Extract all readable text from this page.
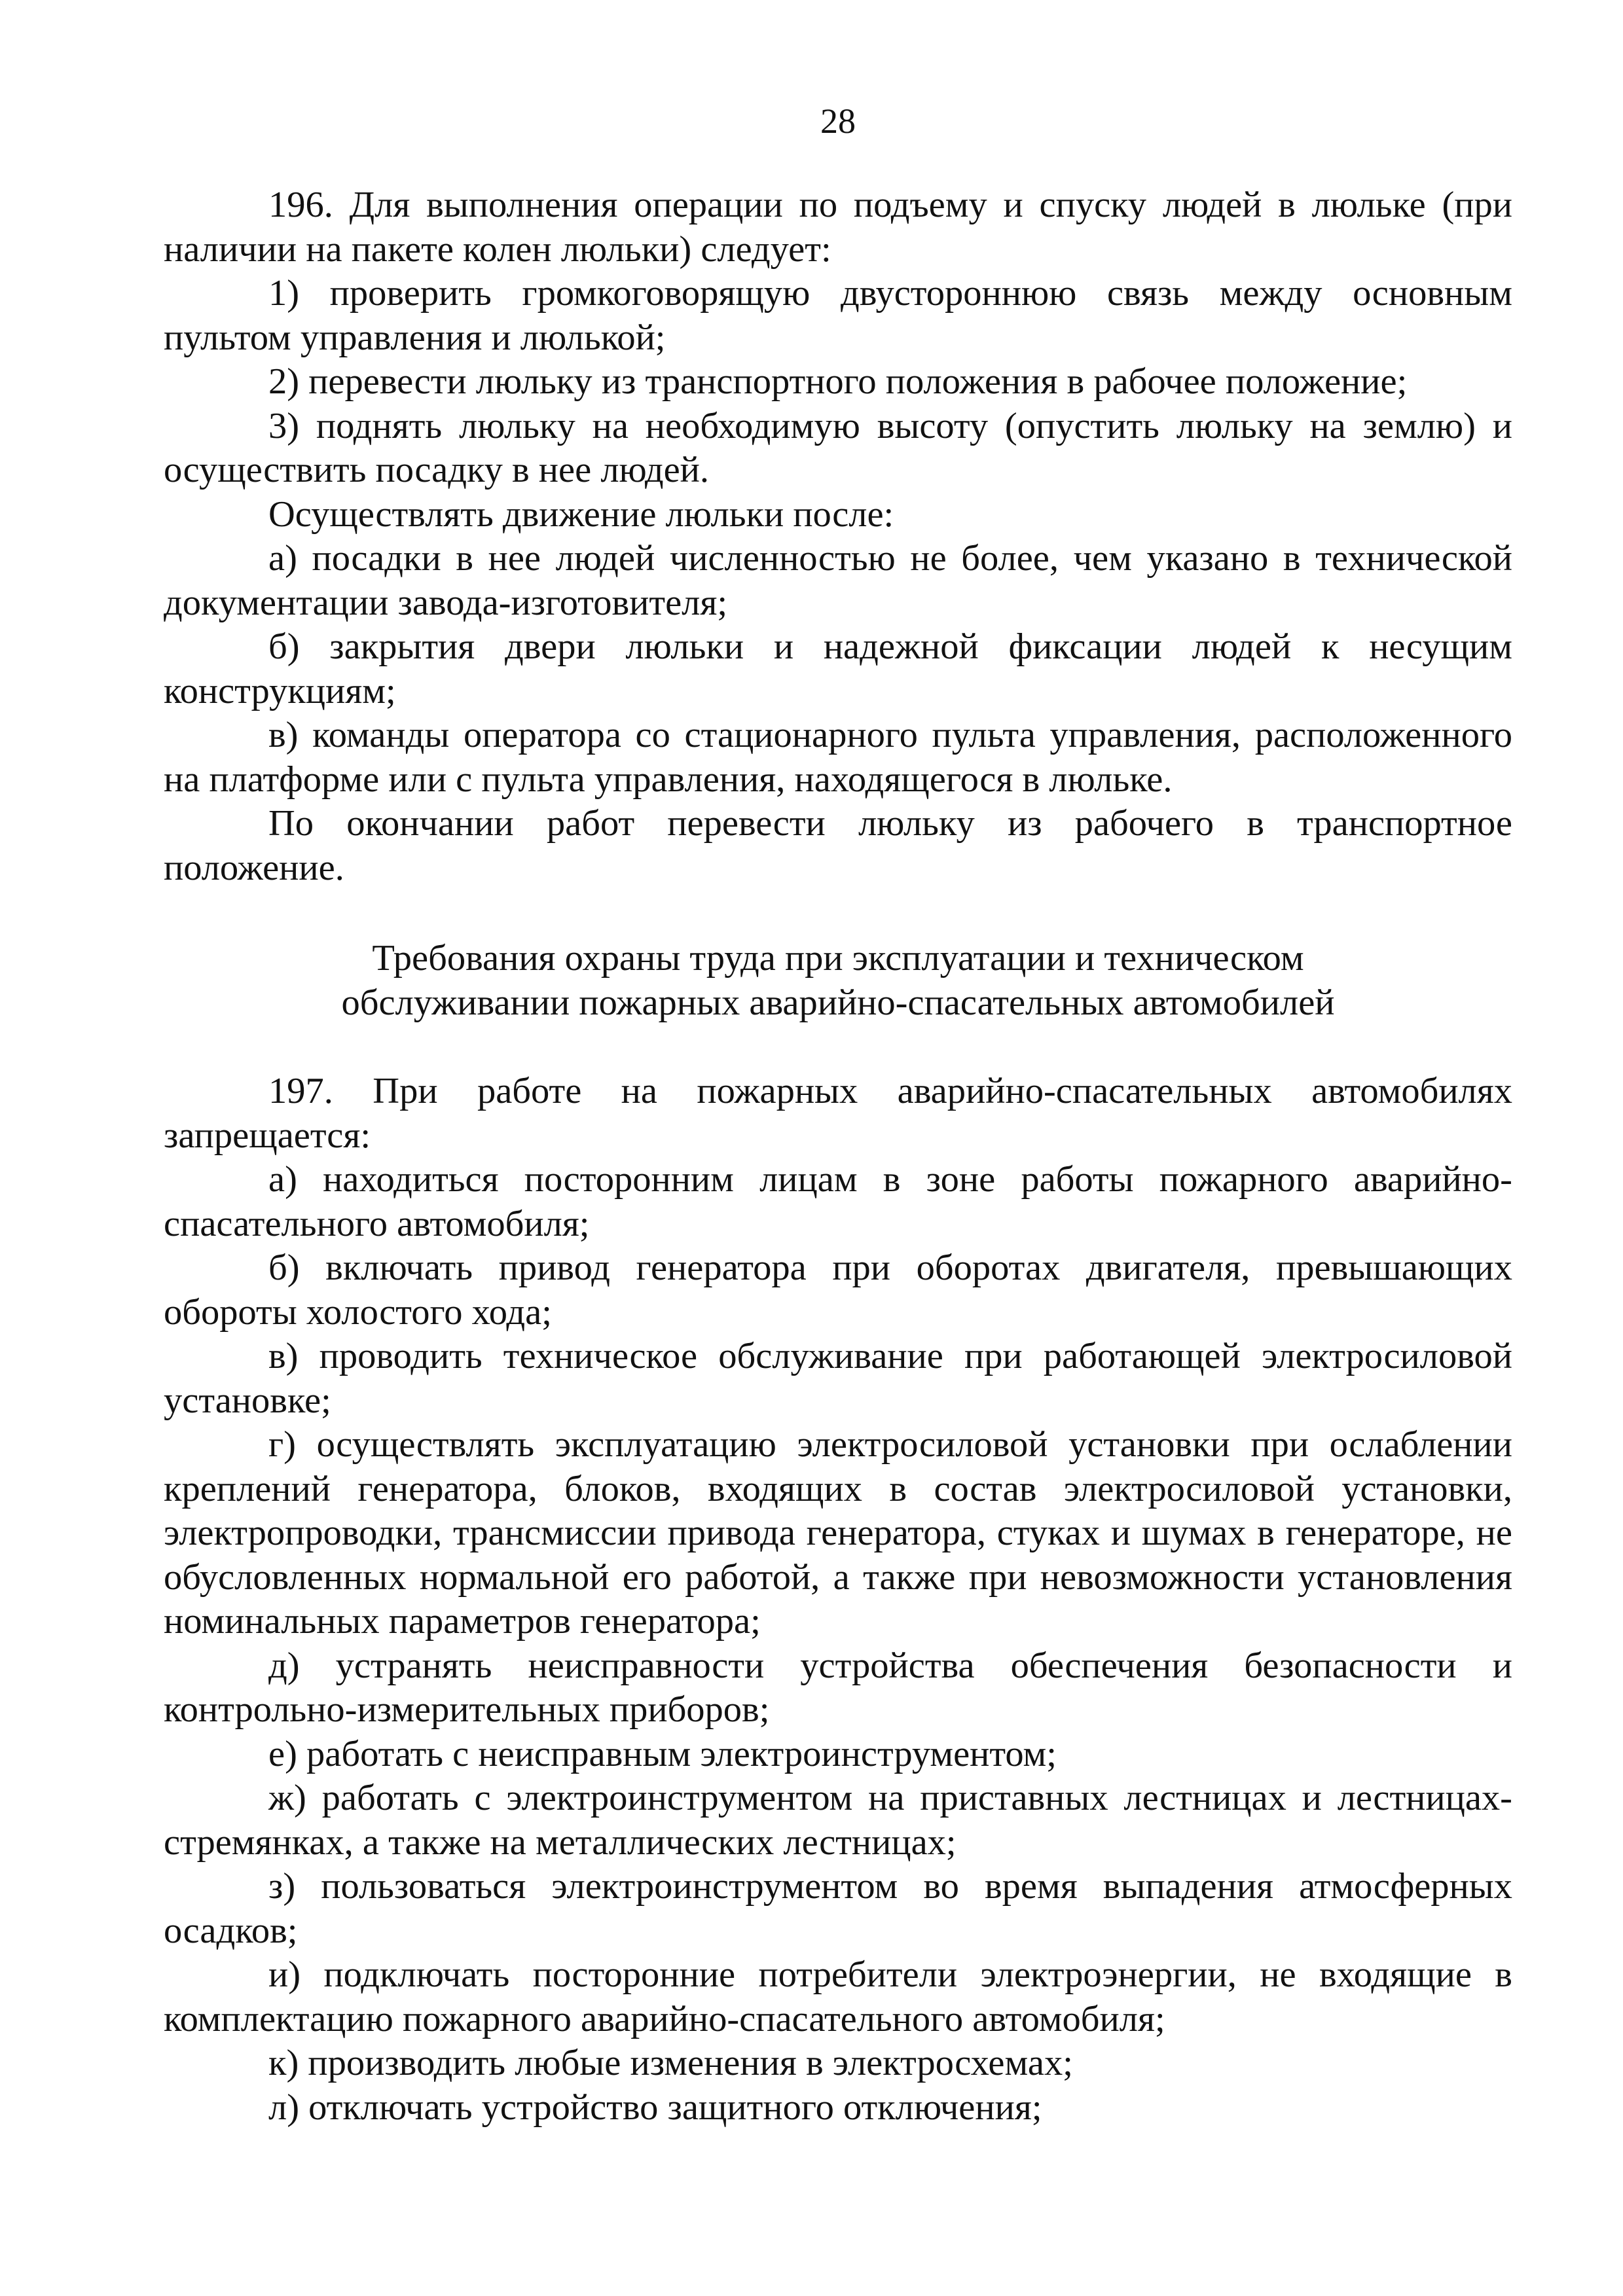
28

196. Для выполнения операции по подъему и спуску людей в люльке (при наличии на пакете колен люльки) следует:

1) проверить громкоговорящую двустороннюю связь между основным пультом управления и люлькой;

2) перевести люльку из транспортного положения в рабочее положение;

3) поднять люльку на необходимую высоту (опустить люльку на землю) и осуществить посадку в нее людей.

Осуществлять движение люльки после:

а) посадки в нее людей численностью не более, чем указано в технической документации завода-изготовителя;

б) закрытия двери люльки и надежной фиксации людей к несущим конструкциям;

в) команды оператора со стационарного пульта управления, расположенного на платформе или с пульта управления, находящегося в люльке.

По окончании работ перевести люльку из рабочего в транспортное положение.

Требования охраны труда при эксплуатации и техническом

обслуживании пожарных аварийно-спасательных автомобилей

197. При работе на пожарных аварийно-спасательных автомобилях запрещается:

а) находиться посторонним лицам в зоне работы пожарного аварийно-спасательного автомобиля;

б) включать привод генератора при оборотах двигателя, превышающих обороты холостого хода;

в) проводить техническое обслуживание при работающей электросиловой установке;

г) осуществлять эксплуатацию электросиловой установки при ослаблении креплений генератора, блоков, входящих в состав электросиловой установки, электропроводки, трансмиссии привода генератора, стуках и шумах в генераторе, не обусловленных нормальной его работой, а также при невозможности установления номинальных параметров генератора;

д) устранять неисправности устройства обеспечения безопасности и контрольно-измерительных приборов;

е) работать с неисправным электроинструментом;

ж) работать с электроинструментом на приставных лестницах и лестницах-стремянках, а также на металлических лестницах;

з) пользоваться электроинструментом во время выпадения атмосферных осадков;

и) подключать посторонние потребители электроэнергии, не входящие в комплектацию пожарного аварийно-спасательного автомобиля;

к) производить любые изменения в электросхемах;

л) отключать устройство защитного отключения;
